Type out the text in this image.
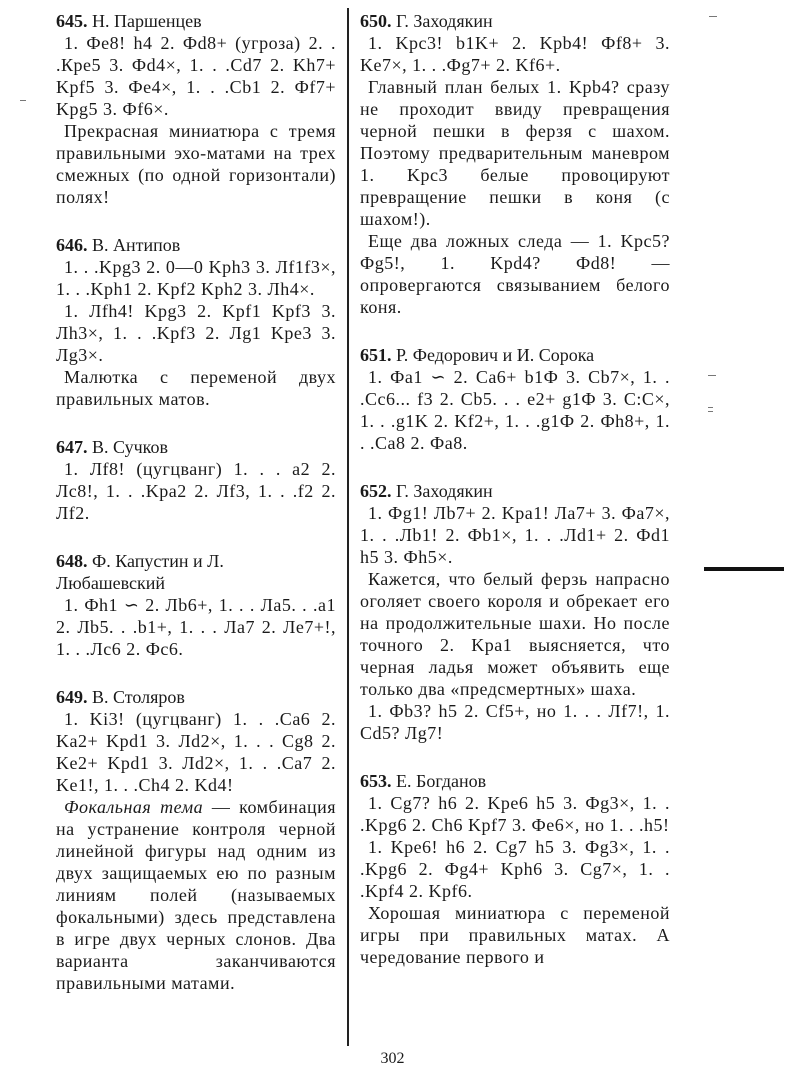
645. Н. Паршенцев

1. Фe8! h4 2. Фd8+ (угроза) 2. . .Крe5 3. Фd4×, 1. . .Cd7 2. Kh7+ Kpf5 3. Фe4×, 1. . .Cb1 2. Фf7+ Kpg5 3. Фf6×.

Прекрасная миниатюра с тремя правильными эхо-матами на трех смежных (по одной горизонтали) полях!

646. В. Антипов

1. . .Kpg3 2. 0—0 Kph3 3. Лf1f3×, 1. . .Kph1 2. Kpf2 Kph2 3. Лh4×.

1. Лfh4! Kpg3 2. Kpf1 Kpf3 3. Лh3×, 1. . .Kpf3 2. Лg1 Kpe3 3. Лg3×.

Малютка с переменой двух правильных матов.

647. В. Сучков

1. Лf8! (цугцванг) 1. . . a2 2. Лc8!, 1. . .Kpa2 2. Лf3, 1. . .f2 2. Лf2.

648. Ф. Капустин и Л. Любашевский

1. Фh1 ∽ 2. Лb6+, 1. . . Лa5. . .a1 2. Лb5. . .b1+, 1. . . Лa7 2. Лe7+!, 1. . .Лc6 2. Фc6.

649. В. Столяров

1. Ki3! (цугцванг) 1. . .Ca6 2. Ka2+ Kpd1 3. Лd2×, 1. . . Cg8 2. Ke2+ Kpd1 3. Лd2×, 1. . .Ca7 2. Ke1!, 1. . .Ch4 2. Kd4!

Фокальная тема — комбинация на устранение контроля черной линейной фигуры над одним из двух защищаемых ею по разным линиям полей (называемых фокальными) здесь представлена в игре двух черных слонов. Два варианта заканчиваются правильными матами.

650. Г. Заходякин

1. Kpc3! b1K+ 2. Kpb4! Фf8+ 3. Ke7×, 1. . .Фg7+ 2. Kf6+.

Главный план белых 1. Kpb4? сразу не проходит ввиду превращения черной пешки в ферзя с шахом. Поэтому предварительным маневром 1. Kpc3 белые провоцируют превращение пешки в коня (с шахом!).

Еще два ложных следа — 1. Kpc5? Фg5!, 1. Kpd4? Фd8! — опровергаются связыванием белого коня.

651. Р. Федорович и И. Сорока

1. Фa1 ∽ 2. Ca6+ b1Ф 3. Cb7×, 1. . .Cc6... f3 2. Cb5. . . e2+ g1Ф 3. C:C×, 1. . .g1K 2. Kf2+, 1. . .g1Ф 2. Фh8+, 1. . .Ca8 2. Фa8.

652. Г. Заходякин

1. Фg1! Лb7+ 2. Kpa1! Лa7+ 3. Фa7×, 1. . .Лb1! 2. Фb1×, 1. . .Лd1+ 2. Фd1 h5 3. Фh5×.

Кажется, что белый ферзь напрасно оголяет своего короля и обрекает его на продолжительные шахи. Но после точного 2. Kpa1 выясняется, что черная ладья может объявить еще только два «предсмертных» шаха.

1. Фb3? h5 2. Cf5+, но 1. . . Лf7!, 1. Cd5? Лg7!

653. Е. Богданов

1. Cg7? h6 2. Kpe6 h5 3. Фg3×, 1. . .Kpg6 2. Ch6 Kpf7 3. Фe6×, но 1. . .h5!

1. Kpe6! h6 2. Cg7 h5 3. Фg3×, 1. . .Kpg6 2. Фg4+ Kph6 3. Cg7×, 1. . .Kpf4 2. Kpf6.

Хорошая миниатюра с переменой игры при правильных матах. А чередование первого и

302
